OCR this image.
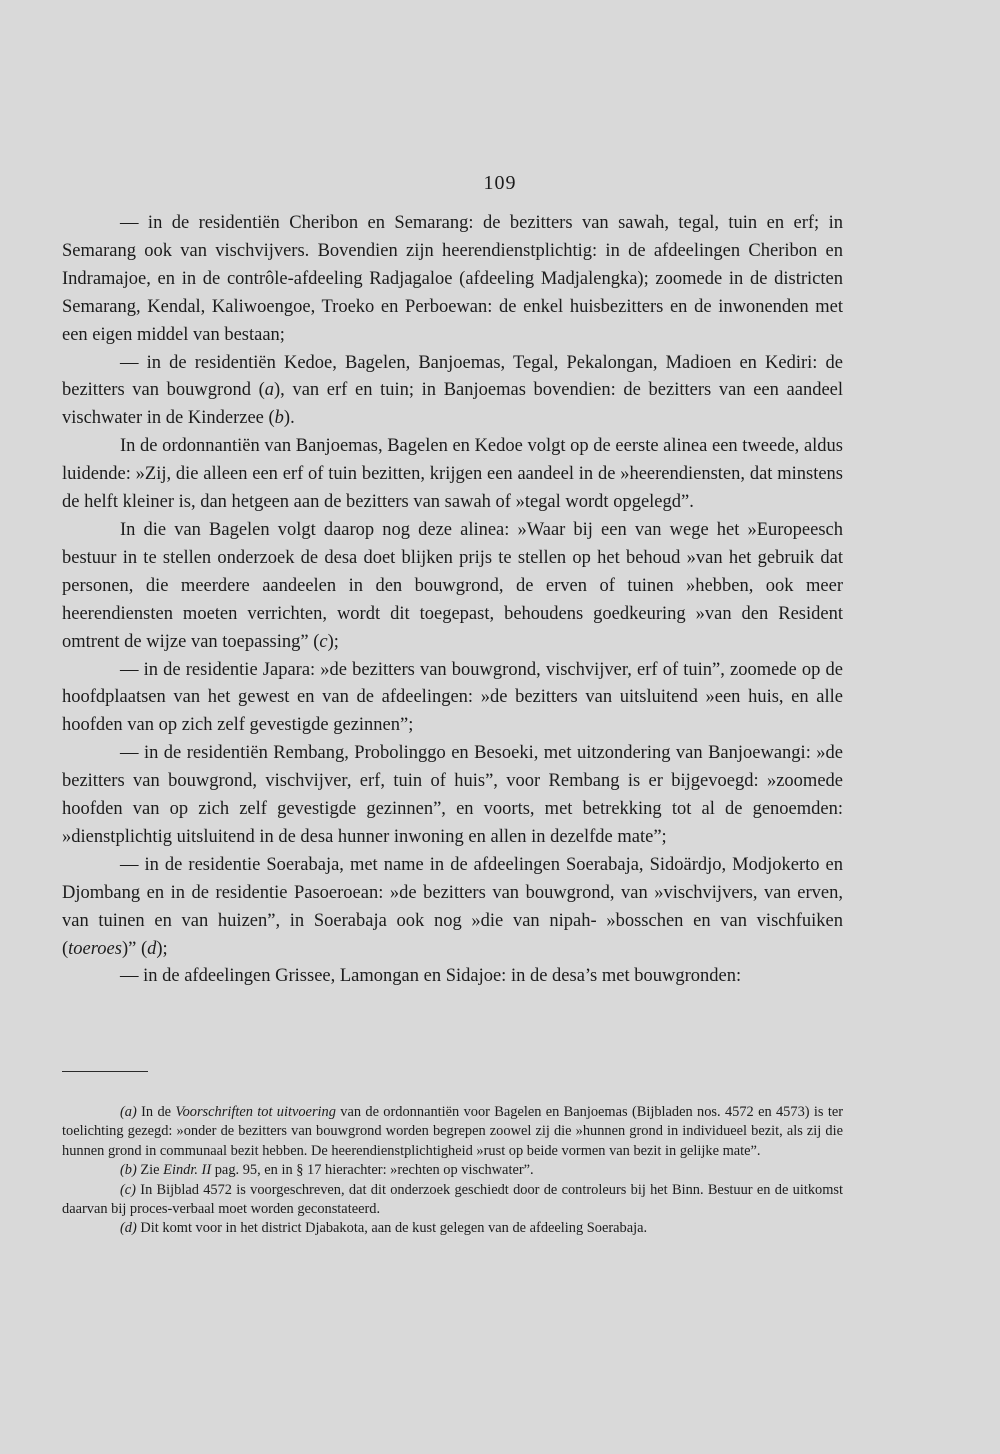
109

— in de residentiën Cheribon en Semarang: de bezitters van sawah, tegal, tuin en erf; in Semarang ook van vischvijvers. Bovendien zijn heerendienstplichtig: in de afdeelingen Cheribon en Indramajoe, en in de contrôle-afdeeling Radjagaloe (afdeeling Madjalengka); zoomede in de districten Semarang, Kendal, Kaliwoengoe, Troeko en Perboewan: de enkel huisbezitters en de inwonenden met een eigen middel van bestaan;

— in de residentiën Kedoe, Bagelen, Banjoemas, Tegal, Pekalongan, Madioen en Kediri: de bezitters van bouwgrond (a), van erf en tuin; in Banjoemas bovendien: de bezitters van een aandeel vischwater in de Kinderzee (b).

In de ordonnantiën van Banjoemas, Bagelen en Kedoe volgt op de eerste alinea een tweede, aldus luidende: »Zij, die alleen een erf of tuin bezitten, krijgen een aandeel in de »heerendiensten, dat minstens de helft kleiner is, dan hetgeen aan de bezitters van sawah of »tegal wordt opgelegd”.

In die van Bagelen volgt daarop nog deze alinea: »Waar bij een van wege het »Europeesch bestuur in te stellen onderzoek de desa doet blijken prijs te stellen op het behoud »van het gebruik dat personen, die meerdere aandeelen in den bouwgrond, de erven of tuinen »hebben, ook meer heerendiensten moeten verrichten, wordt dit toegepast, behoudens goedkeuring »van den Resident omtrent de wijze van toepassing” (c);

— in de residentie Japara: »de bezitters van bouwgrond, vischvijver, erf of tuin”, zoomede op de hoofdplaatsen van het gewest en van de afdeelingen: »de bezitters van uitsluitend »een huis, en alle hoofden van op zich zelf gevestigde gezinnen”;

— in de residentiën Rembang, Probolinggo en Besoeki, met uitzondering van Banjoewangi: »de bezitters van bouwgrond, vischvijver, erf, tuin of huis”, voor Rembang is er bijgevoegd: »zoomede hoofden van op zich zelf gevestigde gezinnen”, en voorts, met betrekking tot al de genoemden: »dienstplichtig uitsluitend in de desa hunner inwoning en allen in dezelfde mate”;

— in de residentie Soerabaja, met name in de afdeelingen Soerabaja, Sidoärdjo, Modjokerto en Djombang en in de residentie Pasoeroean: »de bezitters van bouwgrond, van »vischvijvers, van erven, van tuinen en van huizen”, in Soerabaja ook nog »die van nipah- »bosschen en van vischfuiken (toeroes)” (d);

— in de afdeelingen Grissee, Lamongan en Sidajoe: in de desa’s met bouwgronden:

(a) In de Voorschriften tot uitvoering van de ordonnantiën voor Bagelen en Banjoemas (Bijbladen nos. 4572 en 4573) is ter toelichting gezegd: »onder de bezitters van bouwgrond worden begrepen zoowel zij die »hunnen grond in individueel bezit, als zij die hunnen grond in communaal bezit hebben. De heerendienstplichtigheid »rust op beide vormen van bezit in gelijke mate”.

(b) Zie Eindr. II pag. 95, en in § 17 hierachter: »rechten op vischwater”.

(c) In Bijblad 4572 is voorgeschreven, dat dit onderzoek geschiedt door de controleurs bij het Binn. Bestuur en de uitkomst daarvan bij proces-verbaal moet worden geconstateerd.

(d) Dit komt voor in het district Djabakota, aan de kust gelegen van de afdeeling Soerabaja.
